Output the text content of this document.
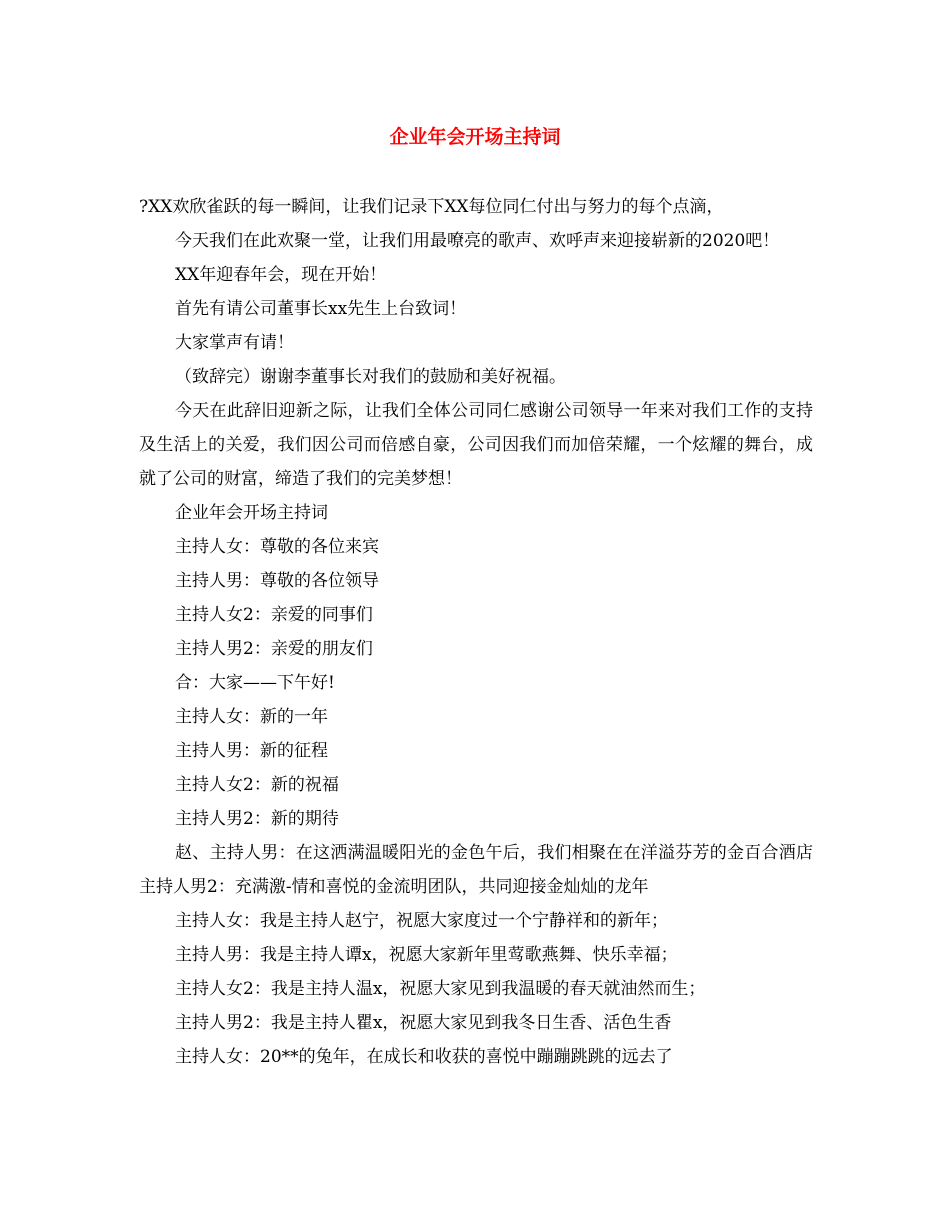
企业年会开场主持词

?XX欢欣雀跃的每一瞬间，让我们记录下XX每位同仁付出与努力的每个点滴，

今天我们在此欢聚一堂，让我们用最嘹亮的歌声、欢呼声来迎接崭新的2020吧！

XX年迎春年会，现在开始！

首先有请公司董事长xx先生上台致词！

大家掌声有请！

（致辞完）谢谢李董事长对我们的鼓励和美好祝福。

今天在此辞旧迎新之际，让我们全体公司同仁感谢公司领导一年来对我们工作的支持及生活上的关爱，我们因公司而倍感自豪，公司因我们而加倍荣耀，一个炫耀的舞台，成就了公司的财富，缔造了我们的完美梦想！

企业年会开场主持词

主持人女：尊敬的各位来宾

主持人男：尊敬的各位领导

主持人女2：亲爱的同事们

主持人男2：亲爱的朋友们

合：大家——下午好!

主持人女：新的一年

主持人男：新的征程

主持人女2：新的祝福

主持人男2：新的期待

赵、主持人男：在这洒满温暖阳光的金色午后，我们相聚在在洋溢芬芳的金百合酒店 主持人男2：充满激-情和喜悦的金流明团队，共同迎接金灿灿的龙年

主持人女：我是主持人赵宁，祝愿大家度过一个宁静祥和的新年；

主持人男：我是主持人谭x，祝愿大家新年里莺歌燕舞、快乐幸福；

主持人女2：我是主持人温x，祝愿大家见到我温暖的春天就油然而生；

主持人男2：我是主持人瞿x，祝愿大家见到我冬日生香、活色生香

主持人女：20**的兔年，在成长和收获的喜悦中蹦蹦跳跳的远去了
